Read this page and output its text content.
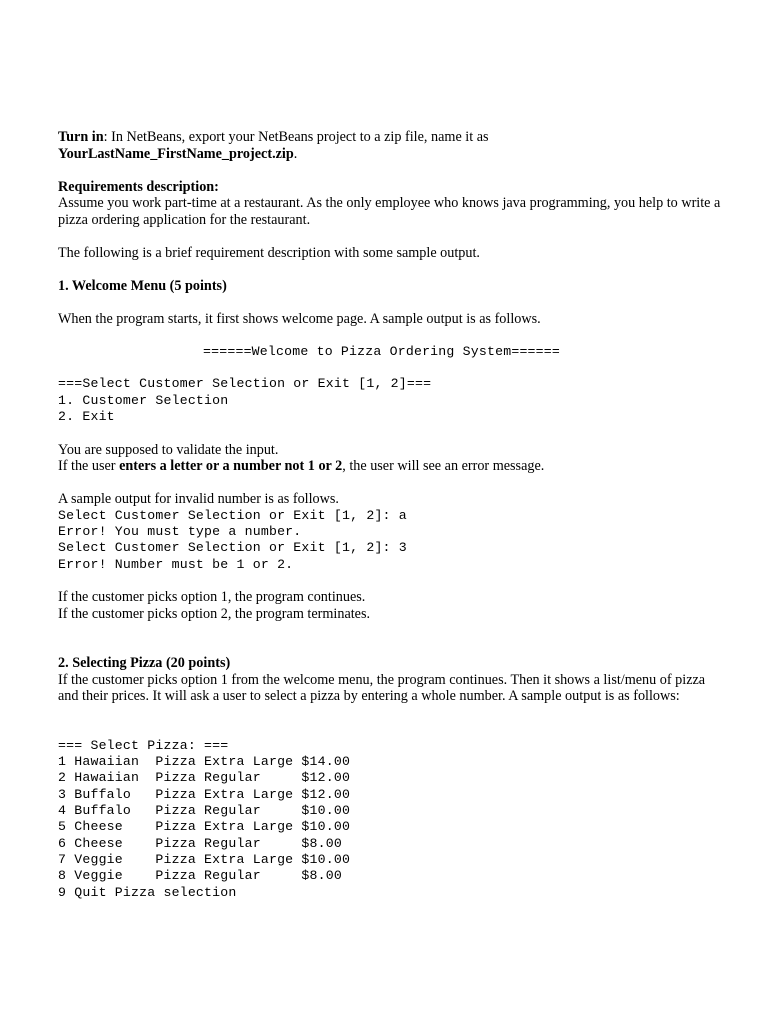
Turn in: In NetBeans, export your NetBeans project to a zip file, name it as
YourLastName_FirstName_project.zip.

Requirements description:

Assume you work part-time at a restaurant. As the only employee who knows java programming, you help to write a pizza ordering application for the restaurant.

The following is a brief requirement description with some sample output.

1. Welcome Menu (5 points)

When the program starts, it first shows welcome page. A sample output is as follows.

======Welcome to Pizza Ordering System======
===Select Customer Selection or Exit [1, 2]===
1. Customer Selection
2. Exit

You are supposed to validate the input.

If the user enters a letter or a number not 1 or 2, the user will see an error message.

A sample output for invalid number is as follows.

Select Customer Selection or Exit [1, 2]: a
Error! You must type a number.
Select Customer Selection or Exit [1, 2]: 3
Error! Number must be 1 or 2.

If the customer picks option 1, the program continues.

If the customer picks option 2, the program terminates.

2. Selecting Pizza (20 points)

If the customer picks option 1 from the welcome menu, the program continues. Then it shows a list/menu of pizza and their prices. It will ask a user to select a pizza by entering a whole number. A sample output is as follows:

=== Select Pizza: ===
1 Hawaiian  Pizza Extra Large $14.00
2 Hawaiian  Pizza Regular     $12.00
3 Buffalo   Pizza Extra Large $12.00
4 Buffalo   Pizza Regular     $10.00
5 Cheese    Pizza Extra Large $10.00
6 Cheese    Pizza Regular     $8.00
7 Veggie    Pizza Extra Large $10.00
8 Veggie    Pizza Regular     $8.00
9 Quit Pizza selection
